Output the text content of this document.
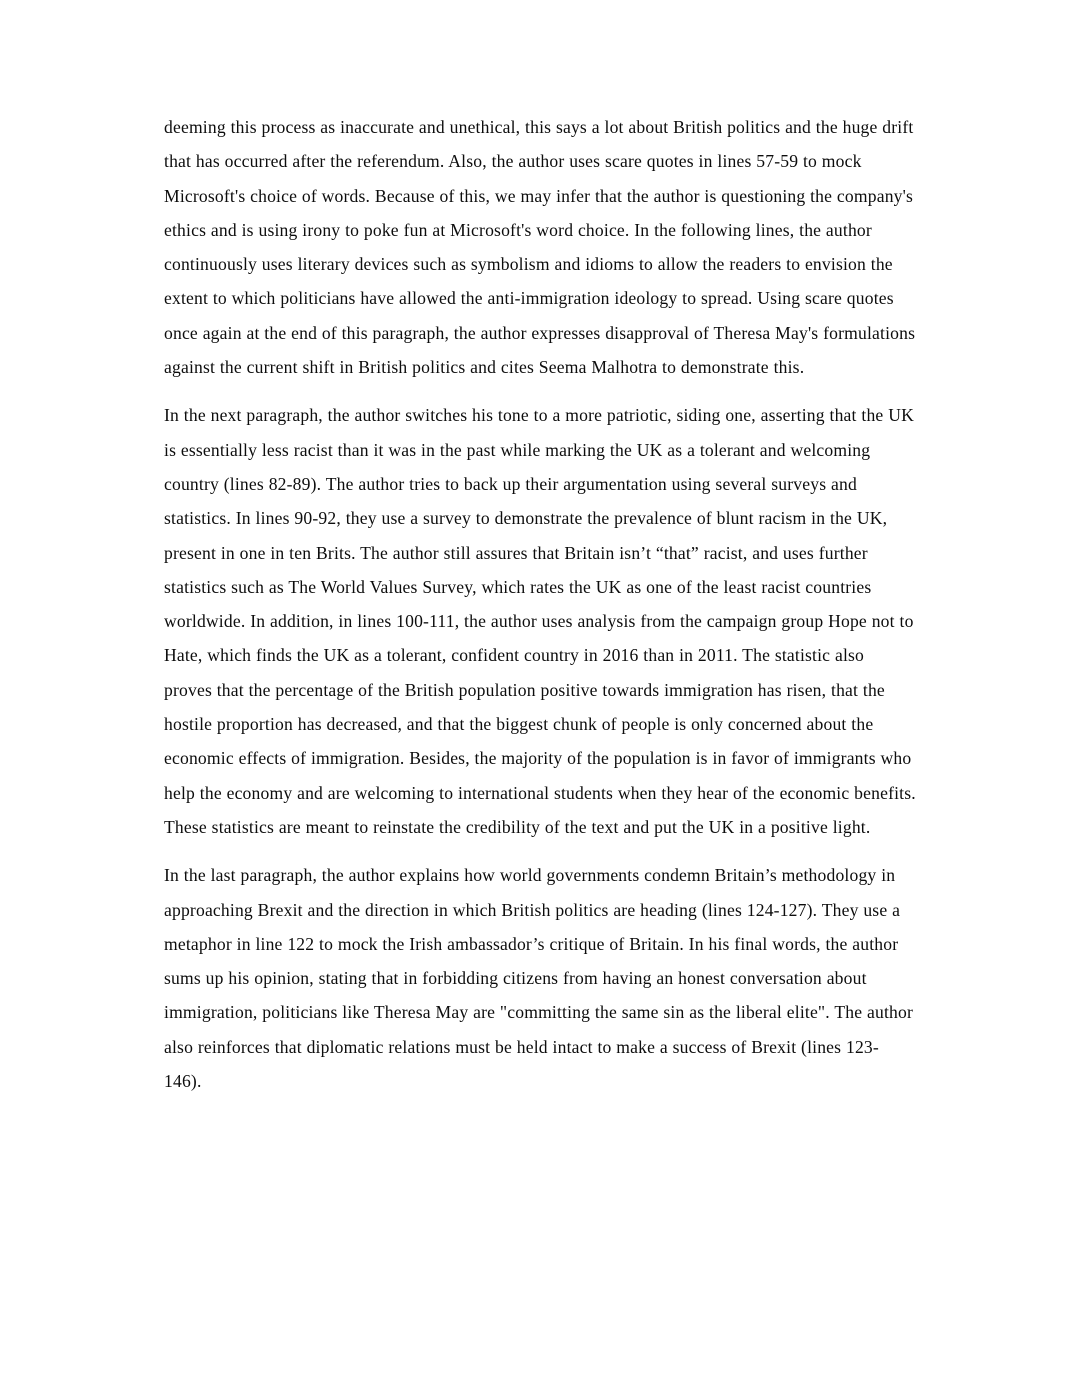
deeming this process as inaccurate and unethical, this says a lot about British politics and the huge drift that has occurred after the referendum. Also, the author uses scare quotes in lines 57-59 to mock Microsoft's choice of words. Because of this, we may infer that the author is questioning the company's ethics and is using irony to poke fun at Microsoft's word choice. In the following lines, the author continuously uses literary devices such as symbolism and idioms to allow the readers to envision the extent to which politicians have allowed the anti-immigration ideology to spread. Using scare quotes once again at the end of this paragraph, the author expresses disapproval of Theresa May's formulations against the current shift in British politics and cites Seema Malhotra to demonstrate this.

In the next paragraph, the author switches his tone to a more patriotic, siding one, asserting that the UK is essentially less racist than it was in the past while marking the UK as a tolerant and welcoming country (lines 82-89). The author tries to back up their argumentation using several surveys and statistics. In lines 90-92, they use a survey to demonstrate the prevalence of blunt racism in the UK, present in one in ten Brits. The author still assures that Britain isn’t “that” racist, and uses further statistics such as The World Values Survey, which rates the UK as one of the least racist countries worldwide. In addition, in lines 100-111, the author uses analysis from the campaign group Hope not to Hate, which finds the UK as a tolerant, confident country in 2016 than in 2011. The statistic also proves that the percentage of the British population positive towards immigration has risen, that the hostile proportion has decreased, and that the biggest chunk of people is only concerned about the economic effects of immigration. Besides, the majority of the population is in favor of immigrants who help the economy and are welcoming to international students when they hear of the economic benefits. These statistics are meant to reinstate the credibility of the text and put the UK in a positive light.

In the last paragraph, the author explains how world governments condemn Britain’s methodology in approaching Brexit and the direction in which British politics are heading (lines 124-127). They use a metaphor in line 122 to mock the Irish ambassador’s critique of Britain. In his final words, the author sums up his opinion, stating that in forbidding citizens from having an honest conversation about immigration, politicians like Theresa May are "committing the same sin as the liberal elite". The author also reinforces that diplomatic relations must be held intact to make a success of Brexit (lines 123-146).
